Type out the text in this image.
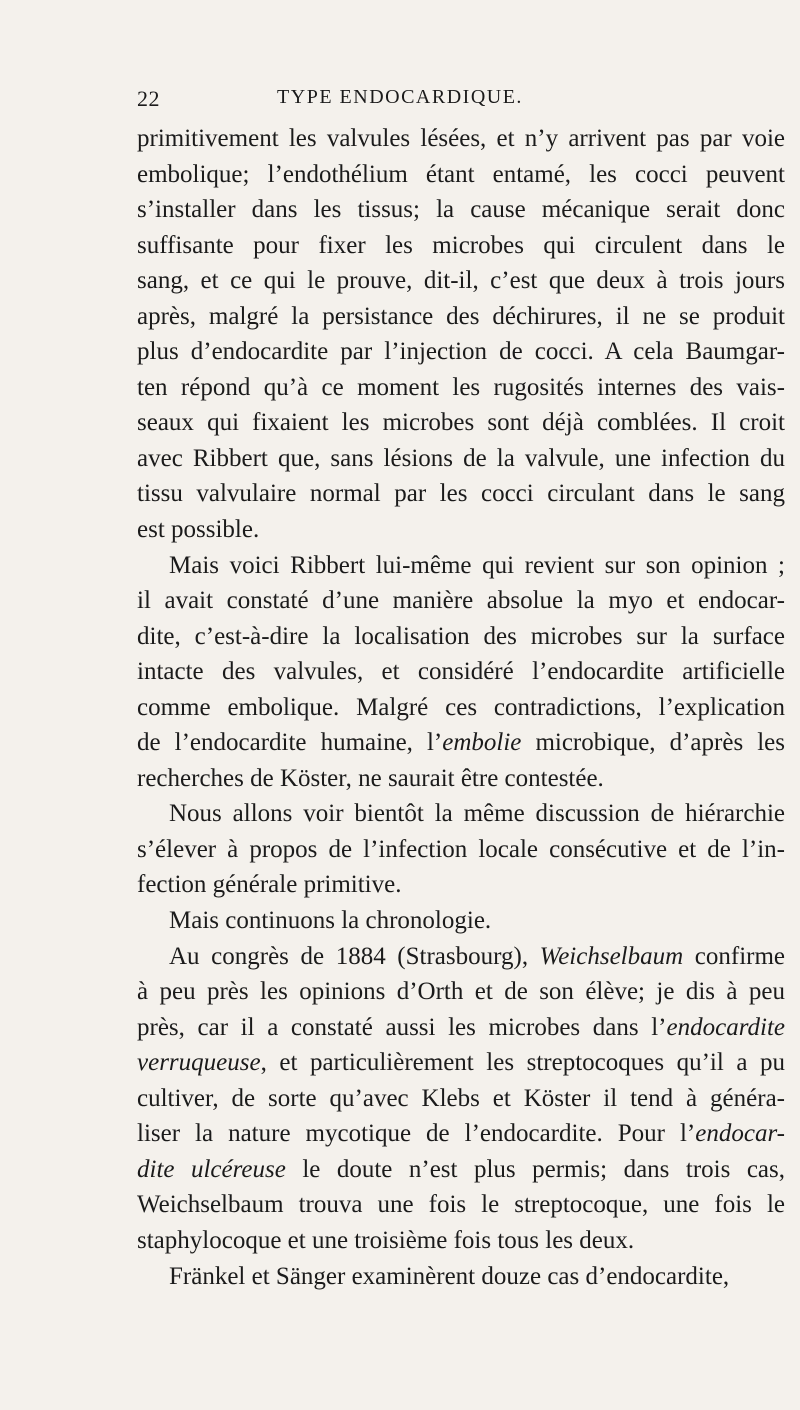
22	TYPE ENDOCARDIQUE.
primitivement les valvules lésées, et n’y arrivent pas par voie
embolique; l’endothélium étant entamé, les cocci peuvent
s’installer dans les tissus; la cause mécanique serait donc
suffisante pour fixer les microbes qui circulent dans le
sang, et ce qui le prouve, dit-il, c’est que deux à trois jours
après, malgré la persistance des déchirures, il ne se produit
plus d’endocardite par l’injection de cocci. A cela Baumgar-
ten répond qu’à ce moment les rugosités internes des vais-
seaux qui fixaient les microbes sont déjà comblées. Il croit
avec Ribbert que, sans lésions de la valvule, une infection du
tissu valvulaire normal par les cocci circulant dans le sang
est possible.
Mais voici Ribbert lui-même qui revient sur son opinion ;
il avait constaté d’une manière absolue la myo et endocar-
dite, c’est-à-dire la localisation des microbes sur la surface
intacte des valvules, et considéré l’endocardite artificielle
comme embolique. Malgré ces contradictions, l’explication
de l’endocardite humaine, l’embolie microbique, d’après les
recherches de Köster, ne saurait être contestée.
Nous allons voir bientôt la même discussion de hiérarchie
s’élever à propos de l’infection locale consécutive et de l’in-
fection générale primitive.
Mais continuons la chronologie.
Au congrès de 1884 (Strasbourg), Weichselbaum confirme
à peu près les opinions d’Orth et de son élève; je dis à peu
près, car il a constaté aussi les microbes dans l’endocardite
verruqueuse, et particulièrement les streptocoques qu’il a pu
cultiver, de sorte qu’avec Klebs et Köster il tend à généra-
liser la nature mycotique de l’endocardite. Pour l’endocar-
dite ulcéreuse le doute n’est plus permis; dans trois cas,
Weichselbaum trouva une fois le streptocoque, une fois le
staphylocoque et une troisième fois tous les deux.
Fränkel et Sänger examinèrent douze cas d’endocardite,
